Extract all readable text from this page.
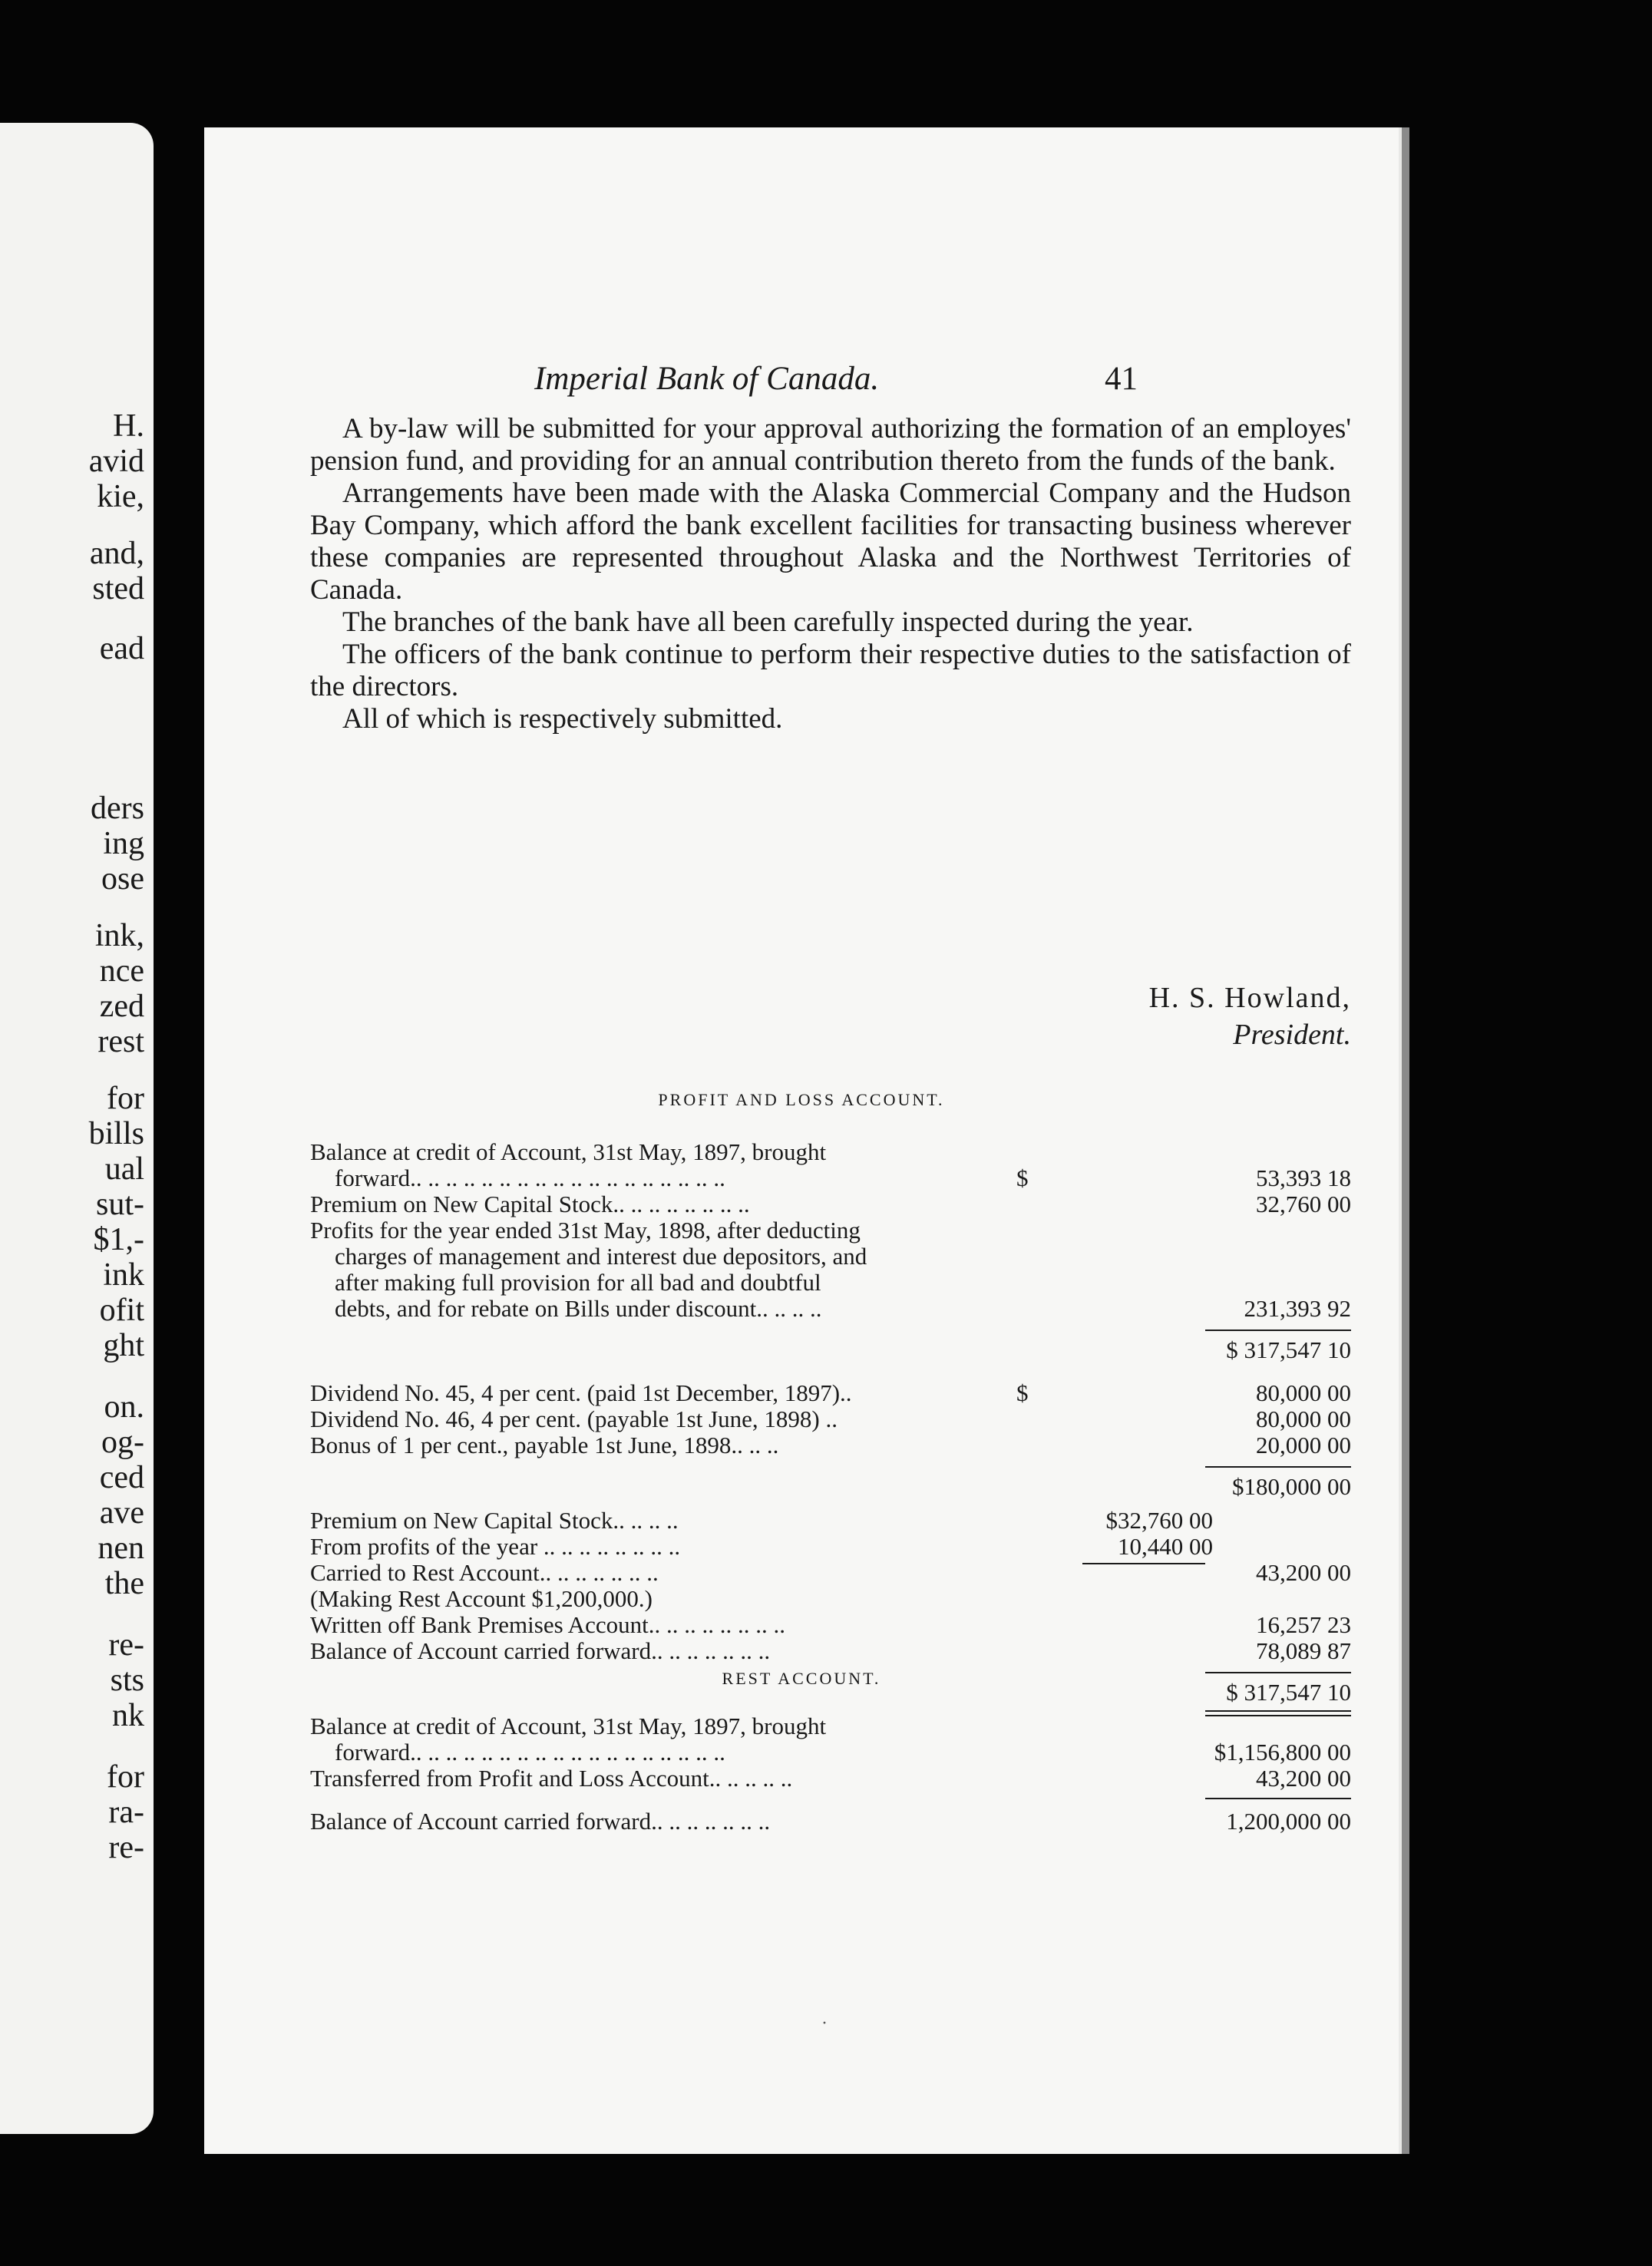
H.
avid
kie,
and,
sted
ead
ders
ing
ose
ink,
nce
zed
rest
for
bills
ual
sut-
$1,-
ink
ofit
ght
on.
og-
ced
ave
nen
the
re-
sts
nk
for
ra-
re-
Imperial Bank of Canada.	41

A by-law will be submitted for your approval authorizing the formation of an employes' pension fund, and providing for an annual contribution thereto from the funds of the bank.

Arrangements have been made with the Alaska Commercial Company and the Hudson Bay Company, which afford the bank excellent facilities for transacting business wherever these companies are represented throughout Alaska and the Northwest Territories of Canada.

The branches of the bank have all been carefully inspected during the year.

The officers of the bank continue to perform their respective duties to the satisfaction of the directors.

All of which is respectively submitted.

H. S. Howland,
President.
PROFIT AND LOSS ACCOUNT.
Balance at credit of Account, 31st May, 1897, brought
forward.. .. .. .. .. .. .. .. .. .. .. .. .. .. .. .. .. ..	$	53,393 18
Premium on New Capital Stock.. .. .. .. .. .. .. ..	32,760 00
Profits for the year ended 31st May, 1898, after deducting
charges of management and interest due depositors, and
after making full provision for all bad and doubtful
debts, and for rebate on Bills under discount.. .. .. ..	231,393 92
$ 317,547 10
Dividend No. 45, 4 per cent. (paid 1st December, 1897)..	$	80,000 00
Dividend No. 46, 4 per cent. (payable 1st June, 1898) ..	80,000 00
Bonus of 1 per cent., payable 1st June, 1898.. .. ..	20,000 00
$180,000 00
Premium on New Capital Stock.. .. .. ..	$32,760 00
From profits of the year .. .. .. .. .. .. .. ..	10,440 00
Carried to Rest Account.. .. .. .. .. .. ..	43,200 00
(Making Rest Account $1,200,000.)
Written off Bank Premises Account.. .. .. .. .. .. .. ..	16,257 23
Balance of Account carried forward.. .. .. .. .. .. ..	78,089 87
$ 317,547 10
REST ACCOUNT.
Balance at credit of Account, 31st May, 1897, brought
forward.. .. .. .. .. .. .. .. .. .. .. .. .. .. .. .. .. ..	$1,156,800 00
Transferred from Profit and Loss Account.. .. .. .. ..	43,200 00
Balance of Account carried forward.. .. .. .. .. .. ..	1,200,000 00
·
